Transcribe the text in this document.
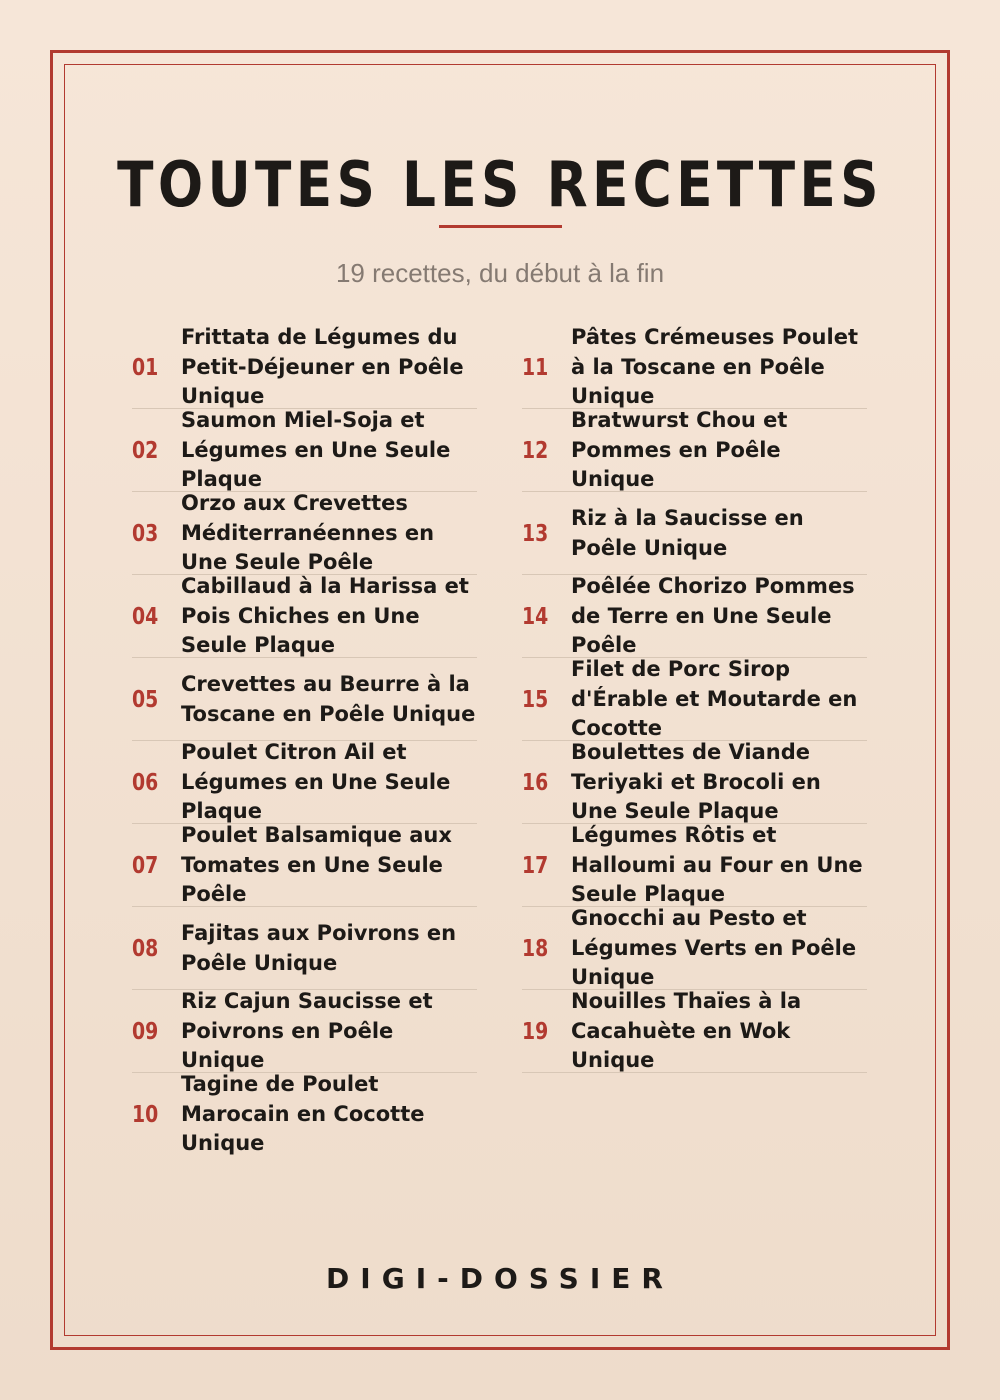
TOUTES LES RECETTES
19 recettes, du début à la fin
01
Frittata de Légumes du Petit-Déjeuner en Poêle Unique
02
Saumon Miel-Soja et Légumes en Une Seule Plaque
03
Orzo aux Crevettes Méditerranéennes en Une Seule Poêle
04
Cabillaud à la Harissa et Pois Chiches en Une Seule Plaque
05
Crevettes au Beurre à la Toscane en Poêle Unique
06
Poulet Citron Ail et Légumes en Une Seule Plaque
07
Poulet Balsamique aux Tomates en Une Seule Poêle
08
Fajitas aux Poivrons en Poêle Unique
09
Riz Cajun Saucisse et Poivrons en Poêle Unique
10
Tagine de Poulet Marocain en Cocotte Unique
11
Pâtes Crémeuses Poulet à la Toscane en Poêle Unique
12
Bratwurst Chou et Pommes en Poêle Unique
13
Riz à la Saucisse en Poêle Unique
14
Poêlée Chorizo Pommes de Terre en Une Seule Poêle
15
Filet de Porc Sirop d'Érable et Moutarde en Cocotte
16
Boulettes de Viande Teriyaki et Brocoli en Une Seule Plaque
17
Légumes Rôtis et Halloumi au Four en Une Seule Plaque
18
Gnocchi au Pesto et Légumes Verts en Poêle Unique
19
Nouilles Thaïes à la Cacahuète en Wok Unique
DIGI-DOSSIER
